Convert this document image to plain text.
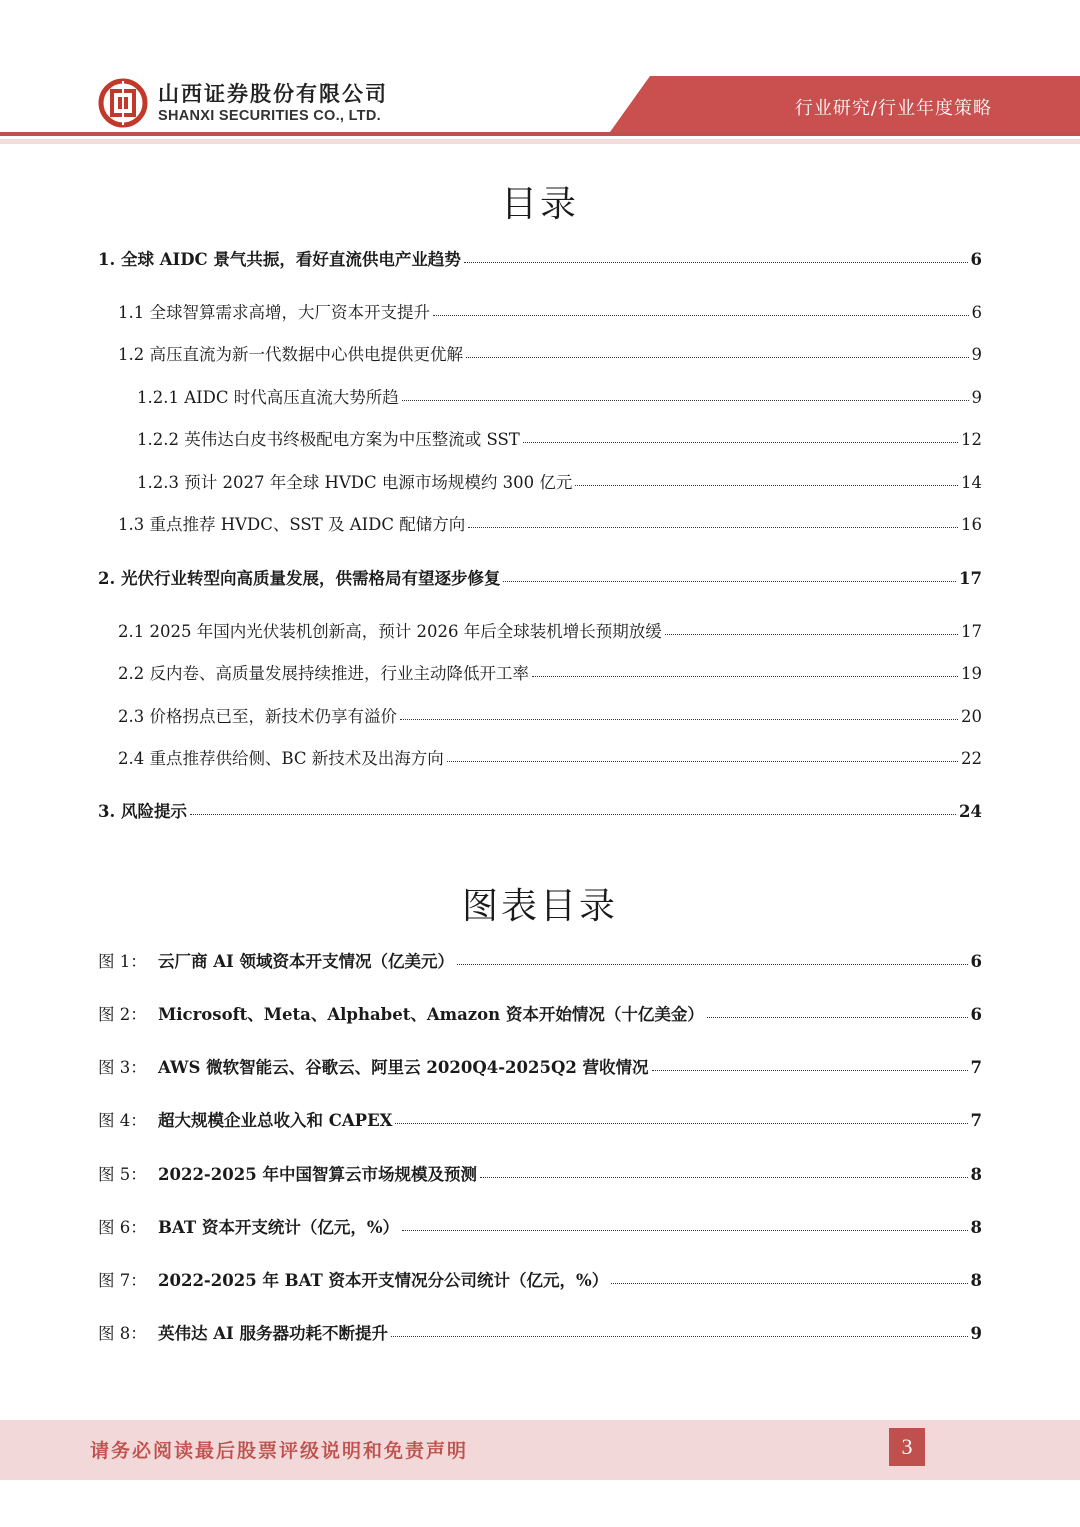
山西证券股份有限公司
SHANXI SECURITIES CO., LTD.	行业研究/行业年度策略
目录
1. 全球 AIDC 景气共振，看好直流供电产业趋势	6
1.1 全球智算需求高增，大厂资本开支提升	6
1.2 高压直流为新一代数据中心供电提供更优解	9
1.2.1 AIDC 时代高压直流大势所趋	9
1.2.2 英伟达白皮书终极配电方案为中压整流或 SST	12
1.2.3 预计 2027 年全球 HVDC 电源市场规模约 300 亿元	14
1.3 重点推荐 HVDC、SST 及 AIDC 配储方向	16
2. 光伏行业转型向高质量发展，供需格局有望逐步修复	17
2.1 2025 年国内光伏装机创新高，预计 2026 年后全球装机增长预期放缓	17
2.2 反内卷、高质量发展持续推进，行业主动降低开工率	19
2.3 价格拐点已至，新技术仍享有溢价	20
2.4 重点推荐供给侧、BC 新技术及出海方向	22
3. 风险提示	24
图表目录
图 1： 云厂商 AI 领域资本开支情况（亿美元）	6
图 2： Microsoft、Meta、Alphabet、Amazon 资本开始情况（十亿美金）	6
图 3： AWS 微软智能云、谷歌云、阿里云 2020Q4-2025Q2 营收情况	7
图 4： 超大规模企业总收入和 CAPEX	7
图 5： 2022-2025 年中国智算云市场规模及预测	8
图 6： BAT 资本开支统计（亿元，%）	8
图 7： 2022-2025 年 BAT 资本开支情况分公司统计（亿元，%）	8
图 8： 英伟达 AI 服务器功耗不断提升	9
请务必阅读最后股票评级说明和免责声明	3
